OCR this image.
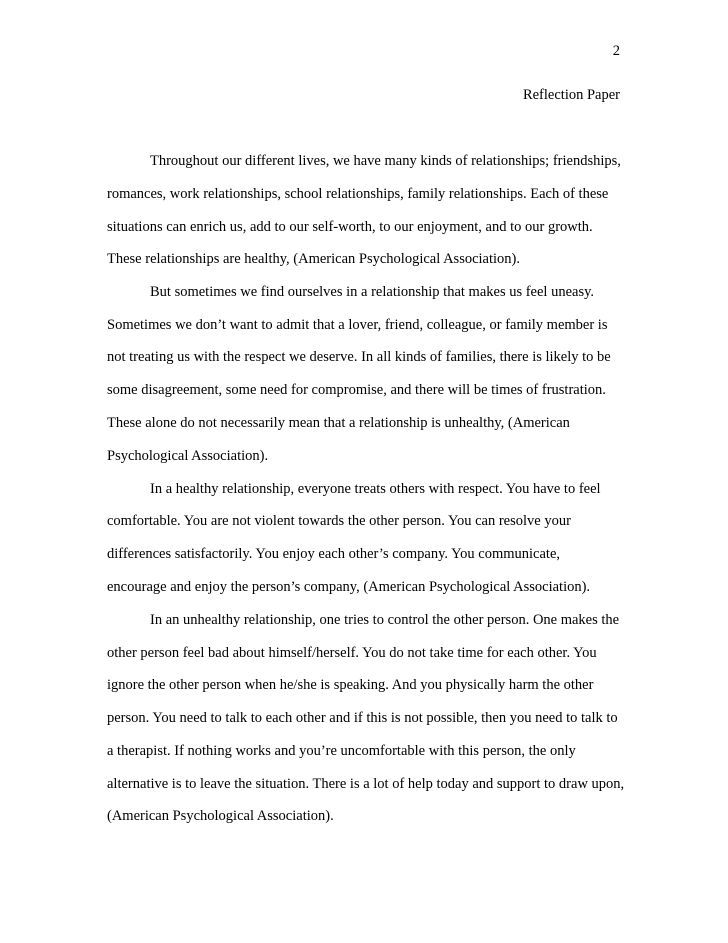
2
Reflection Paper
Throughout our different lives, we have many kinds of relationships; friendships,
romances, work relationships, school relationships, family relationships. Each of these
situations can enrich us, add to our self-worth, to our enjoyment, and to our growth.
These relationships are healthy, (American Psychological Association).
But sometimes we find ourselves in a relationship that makes us feel uneasy.
Sometimes we don’t want to admit that a lover, friend, colleague, or family member is
not treating us with the respect we deserve. In all kinds of families, there is likely to be
some disagreement, some need for compromise, and there will be times of frustration.
These alone do not necessarily mean that a relationship is unhealthy, (American
Psychological Association).
In a healthy relationship, everyone treats others with respect. You have to feel
comfortable. You are not violent towards the other person. You can resolve your
differences satisfactorily. You enjoy each other’s company. You communicate,
encourage and enjoy the person’s company, (American Psychological Association).
In an unhealthy relationship, one tries to control the other person. One makes the
other person feel bad about himself/herself. You do not take time for each other. You
ignore the other person when he/she is speaking. And you physically harm the other
person. You need to talk to each other and if this is not possible, then you need to talk to
a therapist. If nothing works and you’re uncomfortable with this person, the only
alternative is to leave the situation. There is a lot of help today and support to draw upon,
(American Psychological Association).
